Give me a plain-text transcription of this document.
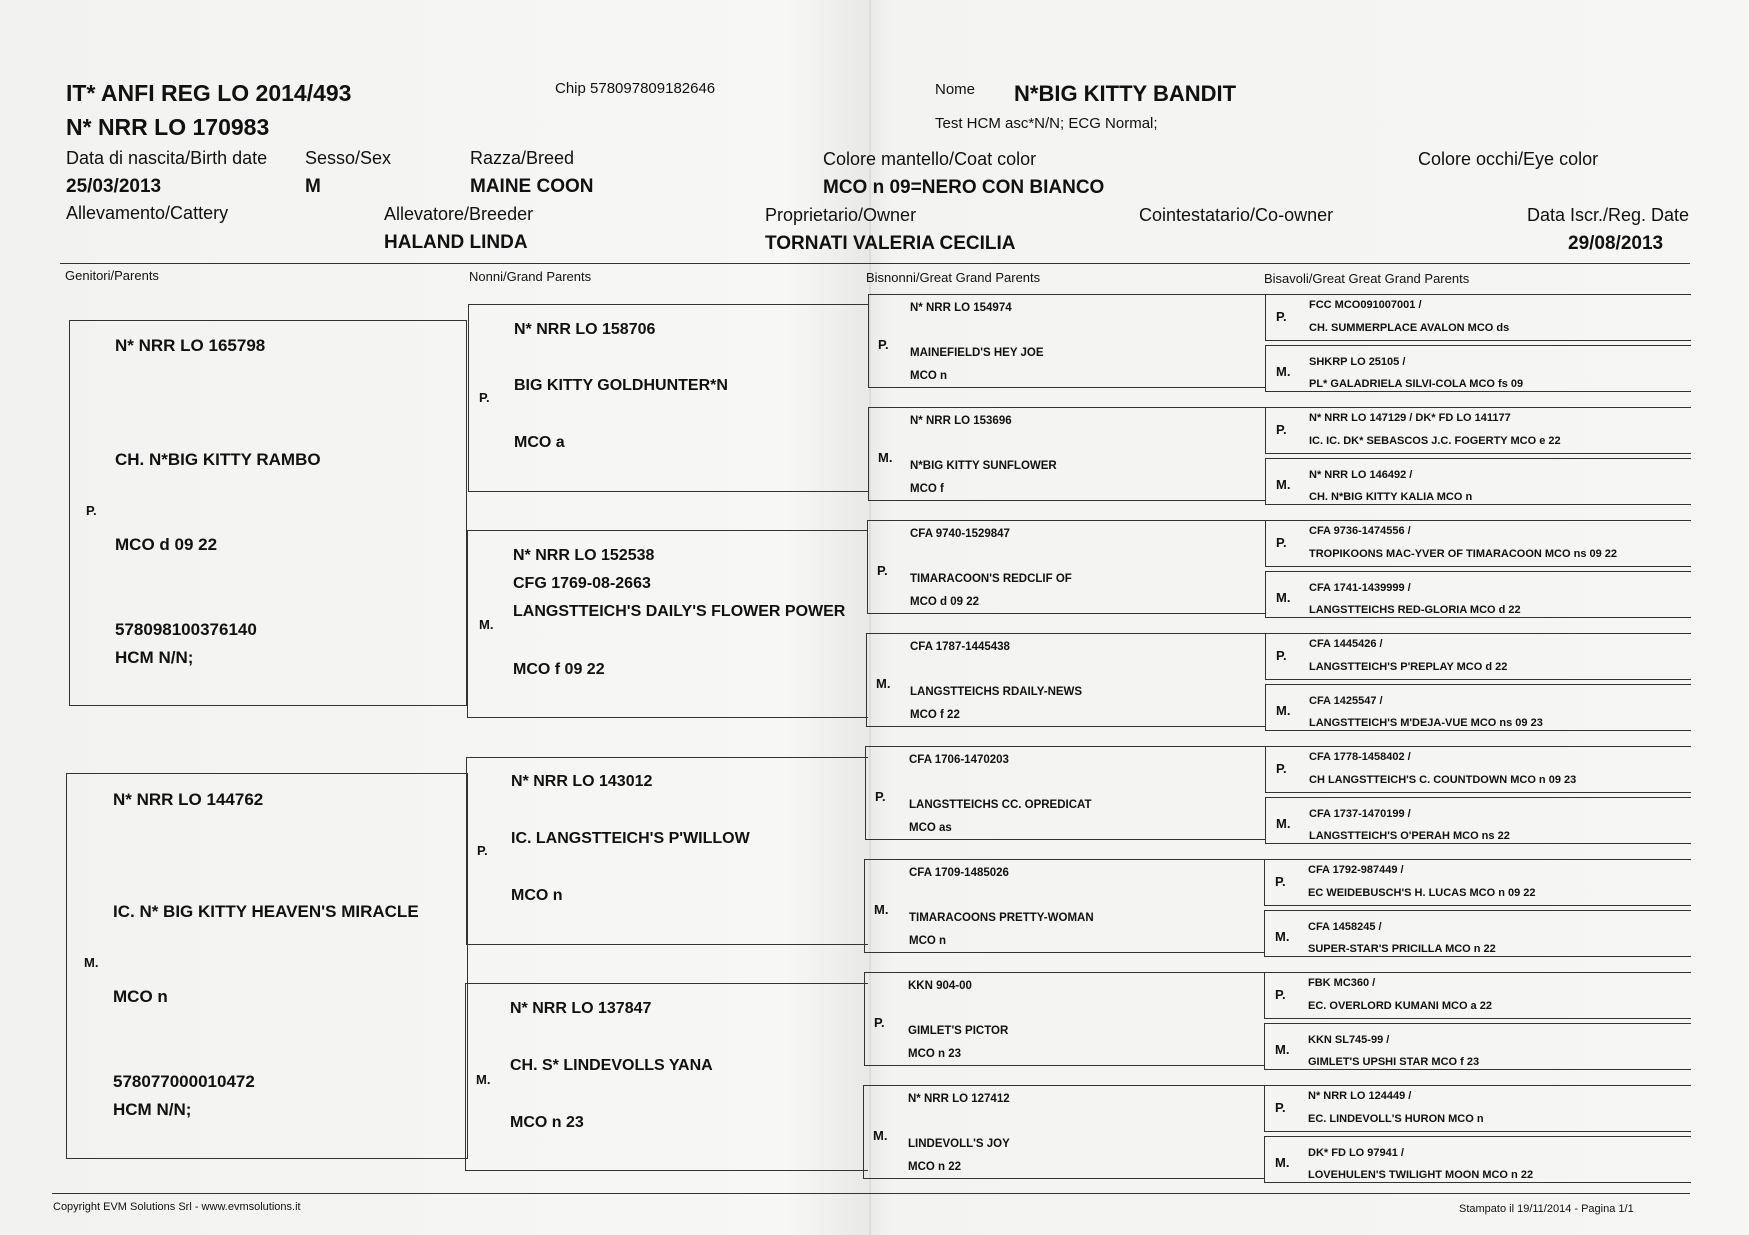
IT* ANFI REG LO 2014/493
N* NRR LO 170983
Chip 578097809182646	Nome N*BIG KITTY BANDIT
Test HCM asc*N/N; ECG Normal;
Data di nascita/Birth date
25/03/2013
Sesso/Sex
M
Razza/Breed
MAINE COON
Colore mantello/Coat color
MCO n 09=NERO CON BIANCO
Colore occhi/Eye color
Allevamento/Cattery	Allevatore/Breeder
HALAND LINDA
Proprietario/Owner
TORNATI VALERIA CECILIA
Cointestatario/Co-owner	Data Iscr./Reg. Date
29/08/2013
Genitori/Parents	Nonni/Grand Parents	Bisnonni/Great Grand Parents	Bisavoli/Great Great Grand Parents
P.
N* NRR LO 165798
CH. N*BIG KITTY RAMBO
MCO d 09 22
578098100376140
HCM N/N;
M.
N* NRR LO 144762
IC. N* BIG KITTY HEAVEN'S MIRACLE
MCO n
578077000010472
HCM N/N;
P.
N* NRR LO 158706
BIG KITTY GOLDHUNTER*N
MCO a
M.
N* NRR LO 152538
CFG 1769-08-2663
LANGSTTEICH'S DAILY'S FLOWER POWER
MCO f 09 22
P.
N* NRR LO 143012
IC. LANGSTTEICH'S P'WILLOW
MCO n
M.
N* NRR LO 137847
CH. S* LINDEVOLLS YANA
MCO n 23
P.
N* NRR LO 154974
MAINEFIELD'S HEY JOE
MCO n
M.
N* NRR LO 153696
N*BIG KITTY SUNFLOWER
MCO f
P.
CFA 9740-1529847
TIMARACOON'S REDCLIF OF
MCO d 09 22
M.
CFA 1787-1445438
LANGSTTEICHS RDAILY-NEWS
MCO f 22
P.
CFA 1706-1470203
LANGSTTEICHS CC. OPREDICAT
MCO as
M.
CFA 1709-1485026
TIMARACOONS PRETTY-WOMAN
MCO n
P.
KKN 904-00
GIMLET'S PICTOR
MCO n 23
M.
N* NRR LO 127412
LINDEVOLL'S JOY
MCO n 22
P.
FCC MCO091007001 /
CH. SUMMERPLACE AVALON MCO ds
M.
SHKRP LO 25105 /
PL* GALADRIELA SILVI-COLA MCO fs 09
P.
N* NRR LO 147129 / DK* FD LO 141177
IC. IC. DK* SEBASCOS J.C. FOGERTY MCO e 22
M.
N* NRR LO 146492 /
CH. N*BIG KITTY KALIA MCO n
P.
CFA 9736-1474556 /
TROPIKOONS MAC-YVER OF TIMARACOON MCO ns 09 22
M.
CFA 1741-1439999 /
LANGSTTEICHS RED-GLORIA MCO d 22
P.
CFA 1445426 /
LANGSTTEICH'S P'REPLAY MCO d 22
M.
CFA 1425547 /
LANGSTTEICH'S M'DEJA-VUE MCO ns 09 23
P.
CFA 1778-1458402 /
CH LANGSTTEICH'S C. COUNTDOWN MCO n 09 23
M.
CFA 1737-1470199 /
LANGSTTEICH'S O'PERAH MCO ns 22
P.
CFA 1792-987449 /
EC WEIDEBUSCH'S H. LUCAS MCO n 09 22
M.
CFA 1458245 /
SUPER-STAR'S PRICILLA MCO n 22
P.
FBK MC360 /
EC. OVERLORD KUMANI MCO a 22
M.
KKN SL745-99 /
GIMLET'S UPSHI STAR MCO f 23
P.
N* NRR LO 124449 /
EC. LINDEVOLL'S HURON MCO n
M.
DK* FD LO 97941 /
LOVEHULEN'S TWILIGHT MOON MCO n 22
Copyright EVM Solutions Srl - www.evmsolutions.it	Stampato il 19/11/2014 - Pagina 1/1
